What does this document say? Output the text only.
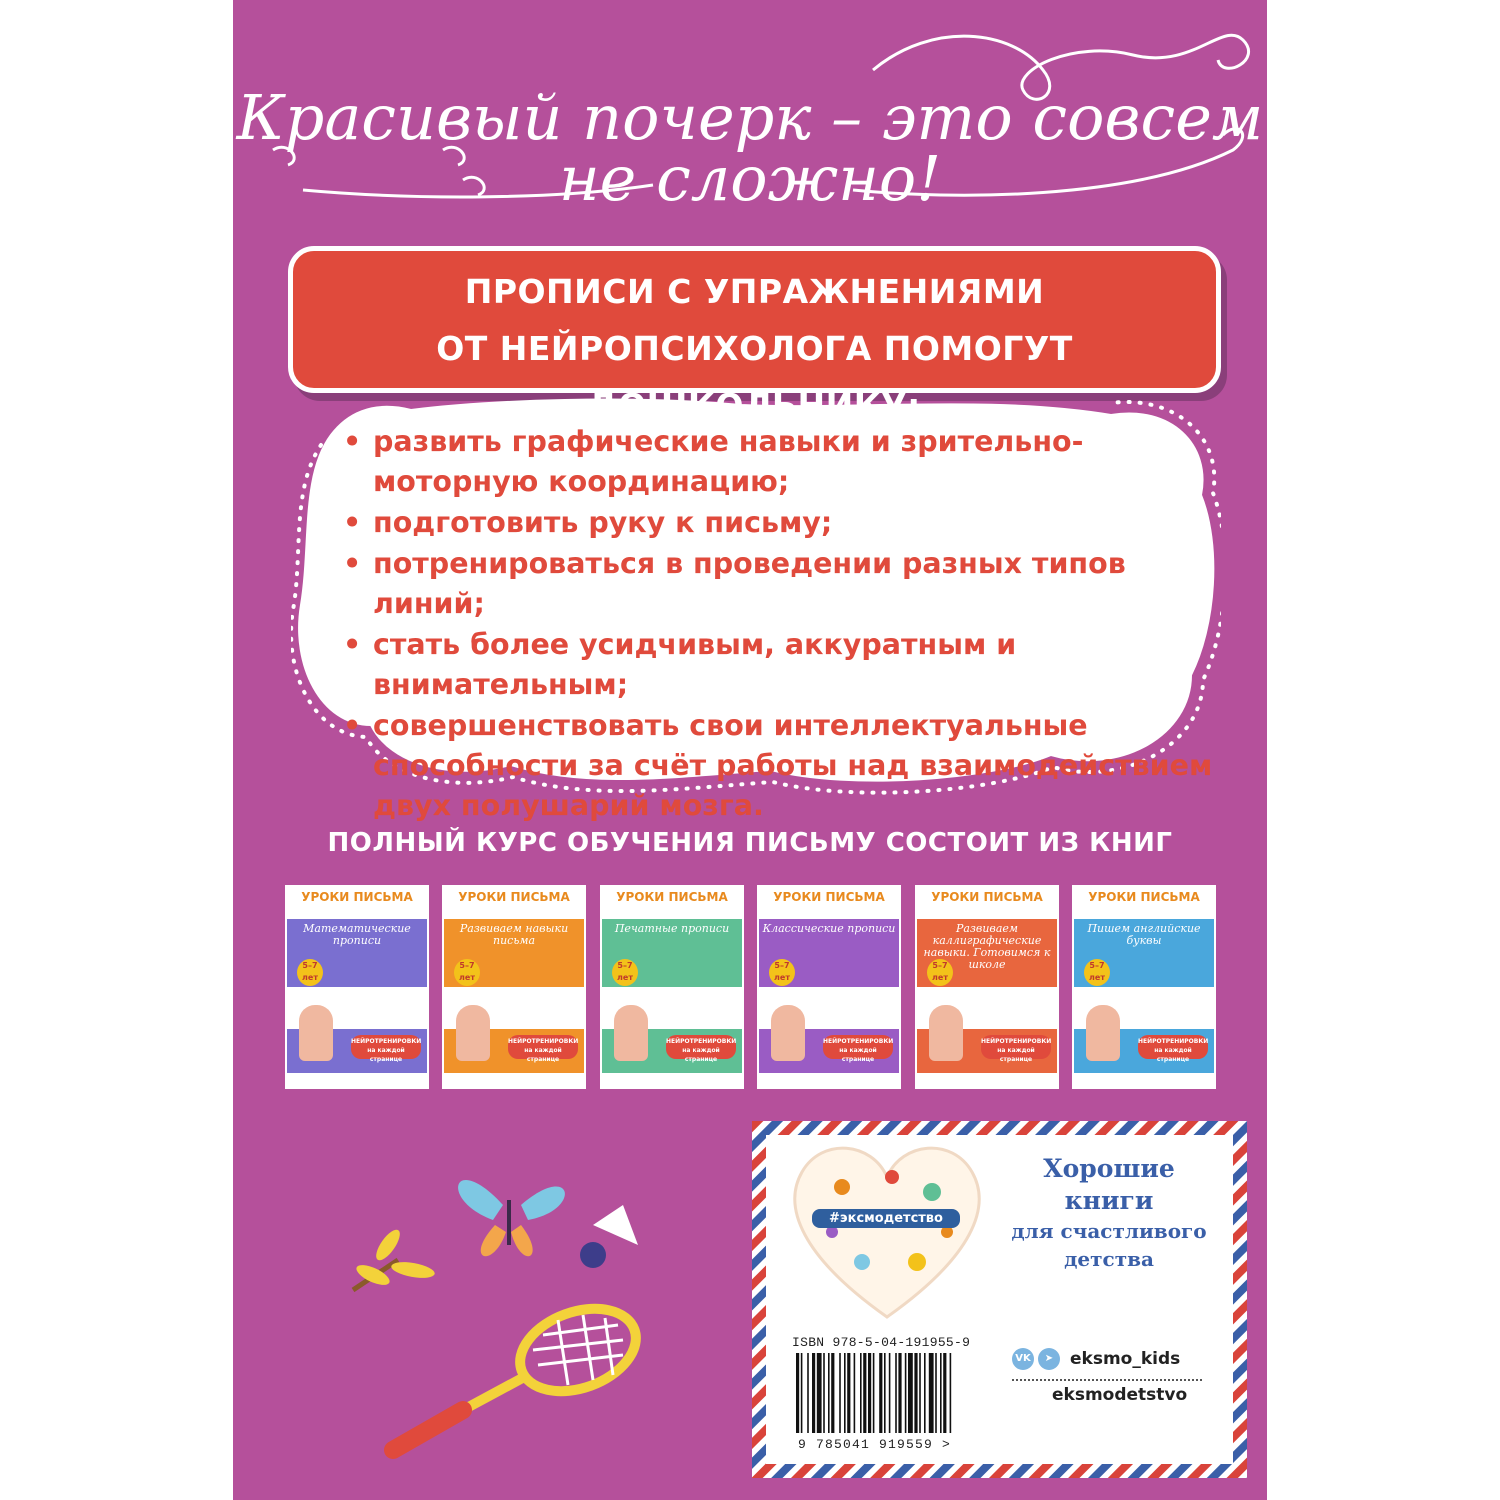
Красивый почерк – это совсем
не сложно!
ПРОПИСИ С УПРАЖНЕНИЯМИ
ОТ НЕЙРОПСИХОЛОГА ПОМОГУТ
• развить графические навыки и зрительно-моторную координацию;
• подготовить руку к письму;
• потренироваться в проведении разных типов линий;
• стать более усидчивым, аккуратным и внимательным;
• совершенствовать свои интеллектуальные способности за счёт работы над взаимодействием двух полушарий мозга.
ПОЛНЫЙ КУРС ОБУЧЕНИЯ ПИСЬМУ СОСТОИТ ИЗ КНИГ
УРОКИ ПИСЬМА
Математические прописи
5–7 лет
НЕЙРОТРЕНИРОВКИ на каждой странице
УРОКИ ПИСЬМА
Развиваем навыки письма
5–7 лет
НЕЙРОТРЕНИРОВКИ на каждой странице
УРОКИ ПИСЬМА
Печатные прописи
5–7 лет
НЕЙРОТРЕНИРОВКИ на каждой странице
УРОКИ ПИСЬМА
Классические прописи
5–7 лет
НЕЙРОТРЕНИРОВКИ на каждой странице
УРОКИ ПИСЬМА
Развиваем каллиграфические навыки. Готовимся к школе
5–7 лет
НЕЙРОТРЕНИРОВКИ на каждой странице
УРОКИ ПИСЬМА
Пишем английские буквы
5–7 лет
НЕЙРОТРЕНИРОВКИ на каждой странице
#эксмодетство
Хорошие
книги
для счастливого
детства
ISBN 978-5-04-191955-9
9 785041 919559 >
VK	➤ eksmo_kids
eksmodetstvo
